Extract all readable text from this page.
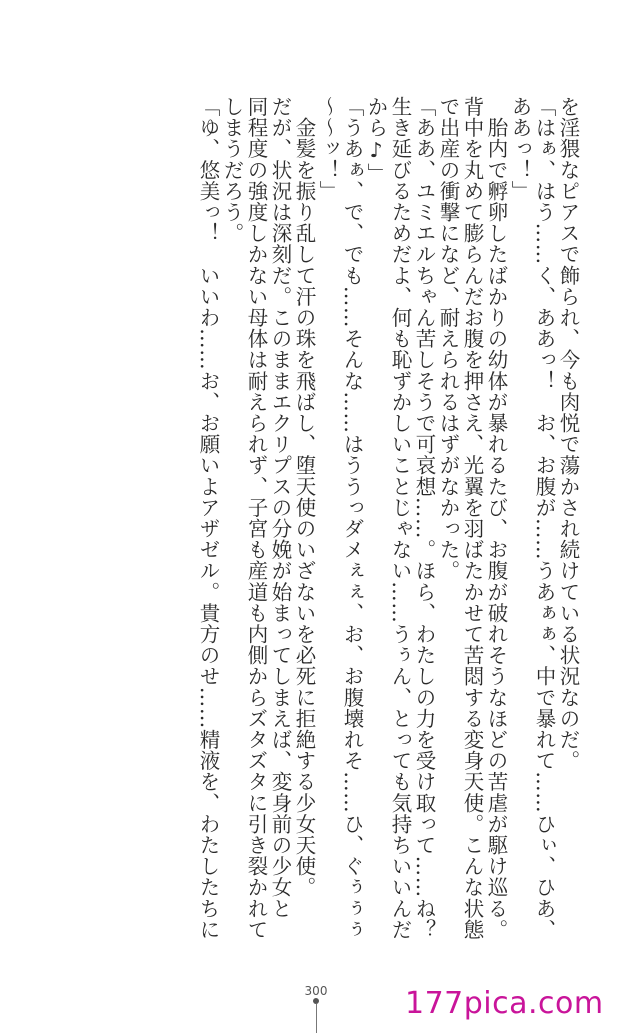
を淫猥なピアスで飾られ、今も肉悦で蕩かされ続けている状況なのだ。
「はぁ、はう……く、ああっ！　お、お腹が……うあぁぁ、中で暴れて……ひぃ、ひあ、
ああっ！」
　胎内で孵卵したばかりの幼体が暴れるたび、お腹が破れそうなほどの苦虐が駆け巡る。
背中を丸めて膨らんだお腹を押さえ、光翼を羽ばたかせて苦悶する変身天使。こんな状態
で出産の衝撃になど、耐えられるはずがなかった。
「ああ、ユミエルちゃん苦しそうで可哀想……。ほら、わたしの力を受け取って……ね？
生き延びるためだよ、何も恥ずかしいことじゃない……うぅん、とっても気持ちいいんだ
から♪」
「うあぁ、で、でも……そんな……はううっダメぇぇ、お、お腹壊れそ……ひ、ぐぅぅぅ
～～ッ！」
　金髪を振り乱して汗の珠を飛ばし、堕天使のいざないを必死に拒絶する少女天使。
だが、状況は深刻だ。このままエクリプスの分娩が始まってしまえば、変身前の少女と
同程度の強度しかない母体は耐えられず、子宮も産道も内側からズタズタに引き裂かれて
しまうだろう。
「ゆ、悠美っ！　いいわ……お、お願いよアザゼル。貴方のせ……精液を、わたしたちに
300	177pica.com
